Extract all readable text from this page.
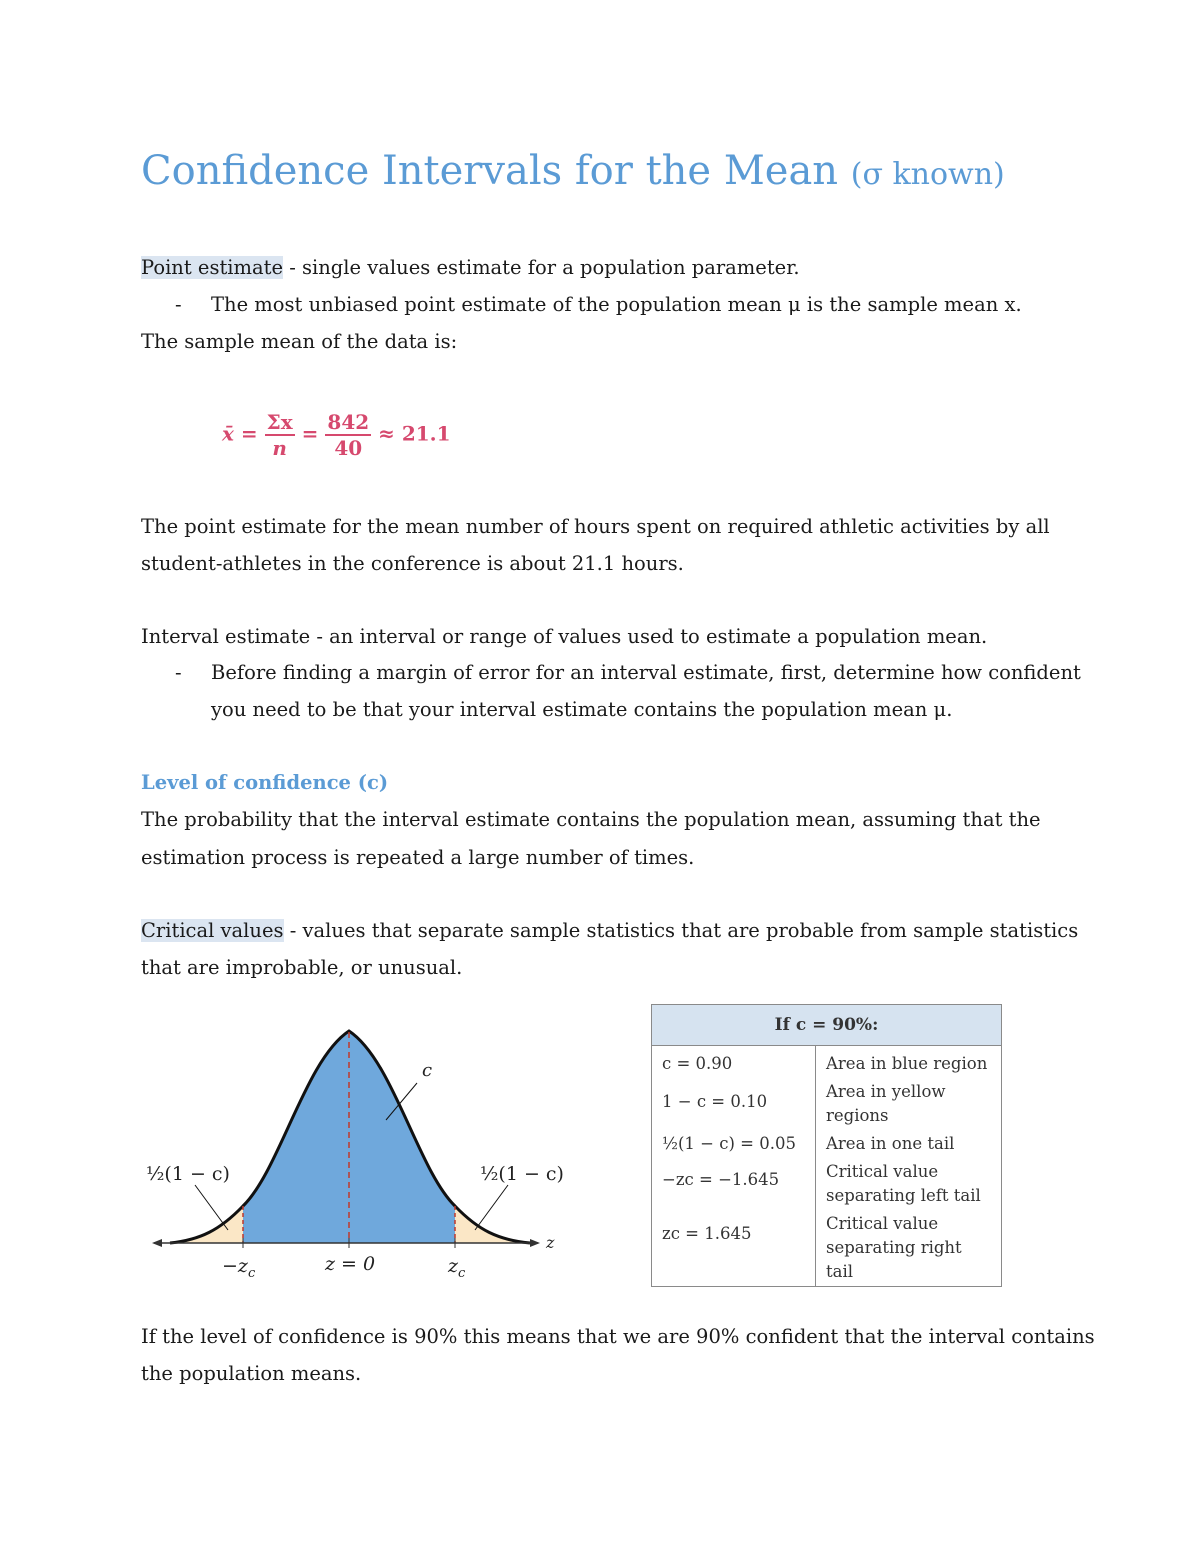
Confidence Intervals for the Mean (σ known)
Point estimate - single values estimate for a population parameter.
- The most unbiased point estimate of the population mean μ is the sample mean x.
The sample mean of the data is:
x̄ = $\frac{\Sigma x}{n} = \frac{842}{40} \approx 21.1$
The point estimate for the mean number of hours spent on required athletic activities by all
student-athletes in the conference is about 21.1 hours.
Interval estimate - an interval or range of values used to estimate a population mean.
- Before finding a margin of error for an interval estimate, first, determine how confident
you need to be that your interval estimate contains the population mean μ.
Level of confidence (c)
The probability that the interval estimate contains the population mean, assuming that the
estimation process is repeated a large number of times.
Critical values - values that separate sample statistics that are probable from sample statistics
that are improbable, or unusual.
c
½(1 − c)	½(1 − c)
$-z_c$	z = 0	$z_c$
z
If c = 90%:	
c = 0.90	Area in blue region
1 − c = 0.10	Area in yellow regions
½(1 − c) = 0.05	Area in one tail
−zc = −1.645	Critical value separating left tail
zc = 1.645	Critical value separating right tail
If the level of confidence is 90% this means that we are 90% confident that the interval contains
the population means.
